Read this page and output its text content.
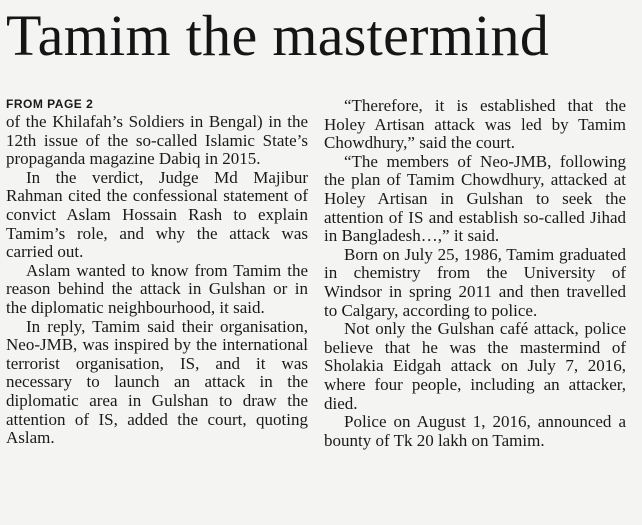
Tamim the mastermind
FROM PAGE 2

of the Khilafah’s Soldiers in Bengal) in the 12th issue of the so-called Islamic State’s propaganda magazine Dabiq in 2015.

In the verdict, Judge Md Majibur Rahman cited the confessional statement of convict Aslam Hossain Rash to explain Tamim’s role, and why the attack was carried out.

Aslam wanted to know from Tamim the reason behind the attack in Gulshan or in the diplomatic neighbourhood, it said.

In reply, Tamim said their organisation, Neo-JMB, was inspired by the international terrorist organisation, IS, and it was necessary to launch an attack in the diplomatic area in Gulshan to draw the attention of IS, added the court, quoting Aslam.

“Therefore, it is established that the Holey Artisan attack was led by Tamim Chowdhury,” said the court.

“The members of Neo-JMB, following the plan of Tamim Chowdhury, attacked at Holey Artisan in Gulshan to seek the attention of IS and establish so-called Jihad in Bangladesh…,” it said.

Born on July 25, 1986, Tamim graduated in chemistry from the University of Windsor in spring 2011 and then travelled to Calgary, according to police.

Not only the Gulshan café attack, police believe that he was the mastermind of Sholakia Eidgah attack on July 7, 2016, where four people, including an attacker, died.

Police on August 1, 2016, announced a bounty of Tk 20 lakh on Tamim.
